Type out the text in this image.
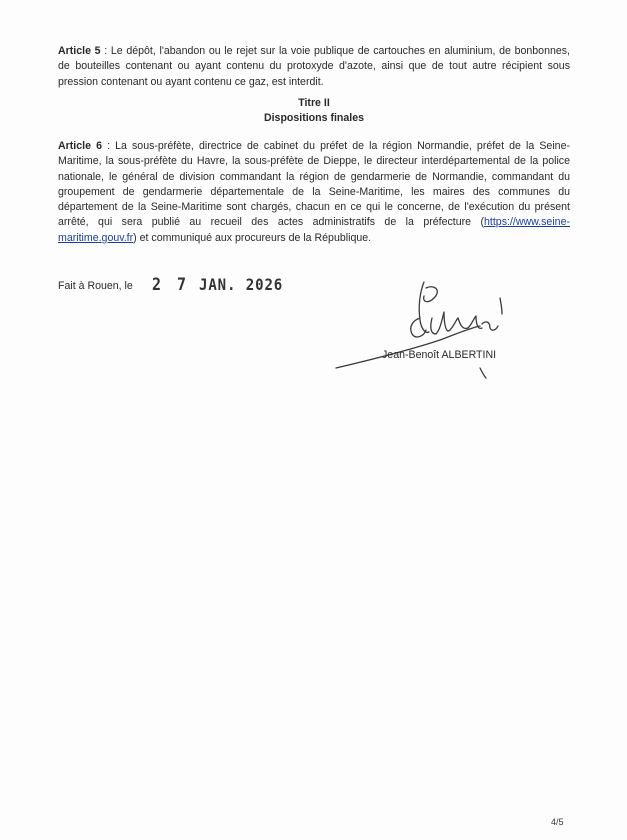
Article 5 : Le dépôt, l'abandon ou le rejet sur la voie publique de cartouches en aluminium, de bonbonnes, de bouteilles contenant ou ayant contenu du protoxyde d'azote, ainsi que de tout autre récipient sous pression contenant ou ayant contenu ce gaz, est interdit.

Titre II
Dispositions finales

Article 6 : La sous-préfète, directrice de cabinet du préfet de la région Normandie, préfet de la Seine-Maritime, la sous-préfète du Havre, la sous-préfète de Dieppe, le directeur interdépartemental de la police nationale, le général de division commandant la région de gendarmerie de Normandie, commandant du groupement de gendarmerie départementale de la Seine-Maritime, les maires des communes du département de la Seine-Maritime sont chargés, chacun en ce qui le concerne, de l'exécution du présent arrêté, qui sera publié au recueil des actes administratifs de la préfecture (https://www.seine-maritime.gouv.fr) et communiqué aux procureurs de la République.

Fait à Rouen, le 2 7 JAN. 2026
Jean-Benoît ALBERTINI
4/5
